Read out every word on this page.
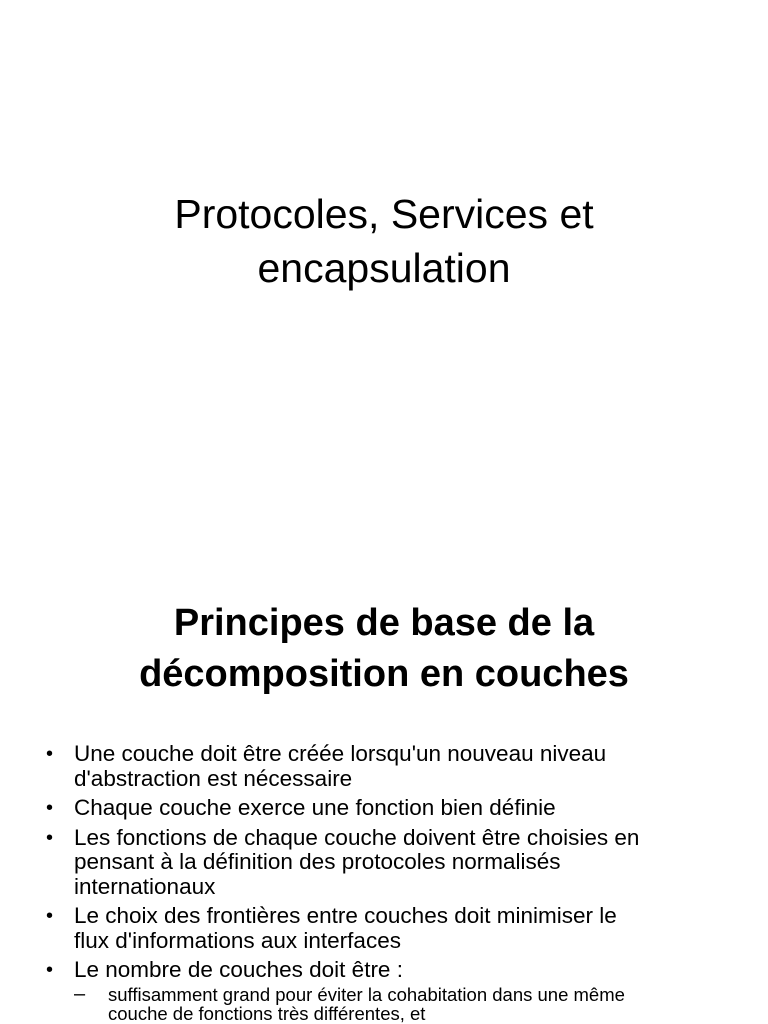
Protocoles, Services et
encapsulation
Principes de base de la
décomposition en couches
• Une couche doit être créée lorsqu'un nouveau niveau
d'abstraction est nécessaire
• Chaque couche exerce une fonction bien définie
• Les fonctions de chaque couche doivent être choisies en
pensant à la définition des protocoles normalisés
internationaux
• Le choix des frontières entre couches doit minimiser le
flux d'informations aux interfaces
• Le nombre de couches doit être :
–	suffisamment grand pour éviter la cohabitation dans une même
couche de fonctions très différentes, et
